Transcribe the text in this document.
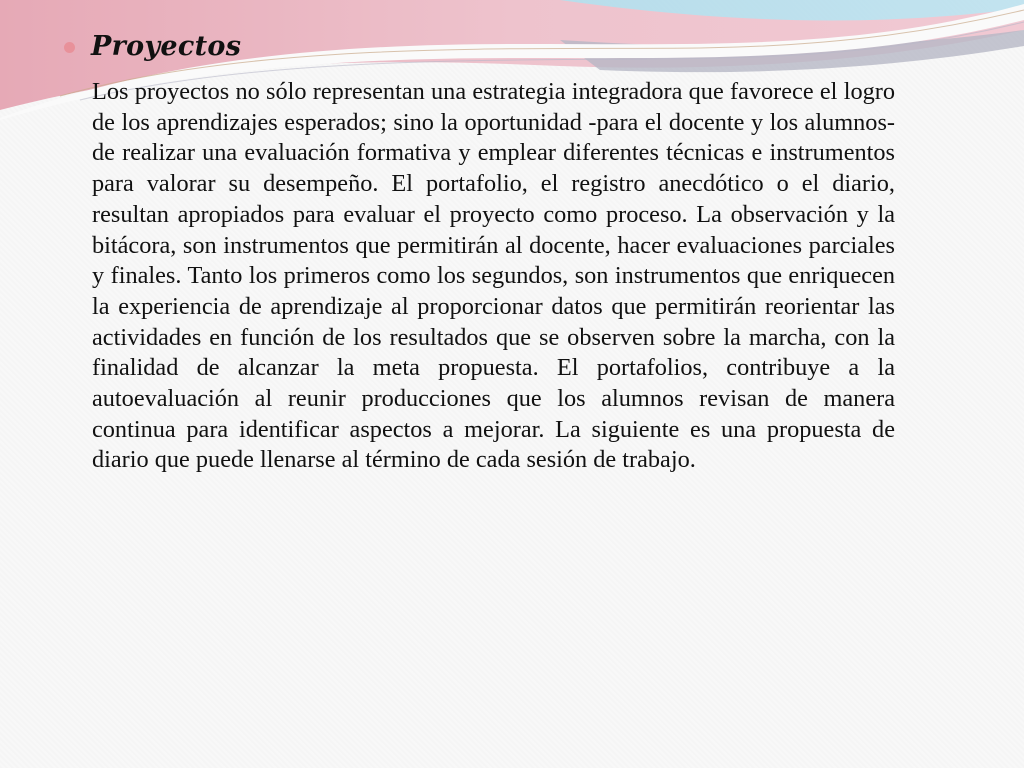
Proyectos

Los proyectos no sólo representan una estrategia integradora que favorece el logro de los aprendizajes esperados; sino la oportunidad -para el docente y los alumnos- de realizar una evaluación formativa y emplear diferentes técnicas e instrumentos para valorar su desempeño. El portafolio, el registro anecdótico o el diario, resultan apropiados para evaluar el proyecto como proceso. La observación y la bitácora, son instrumentos que permitirán al docente, hacer evaluaciones parciales y finales. Tanto los primeros como los segundos, son instrumentos que enriquecen la experiencia de aprendizaje al proporcionar datos que permitirán reorientar las actividades en función de los resultados que se observen sobre la marcha, con la finalidad de alcanzar la meta propuesta. El portafolios, contribuye a la autoevaluación al reunir producciones que los alumnos revisan de manera continua para identificar aspectos a mejorar. La siguiente es una propuesta de diario que puede llenarse al término de cada sesión de trabajo.
